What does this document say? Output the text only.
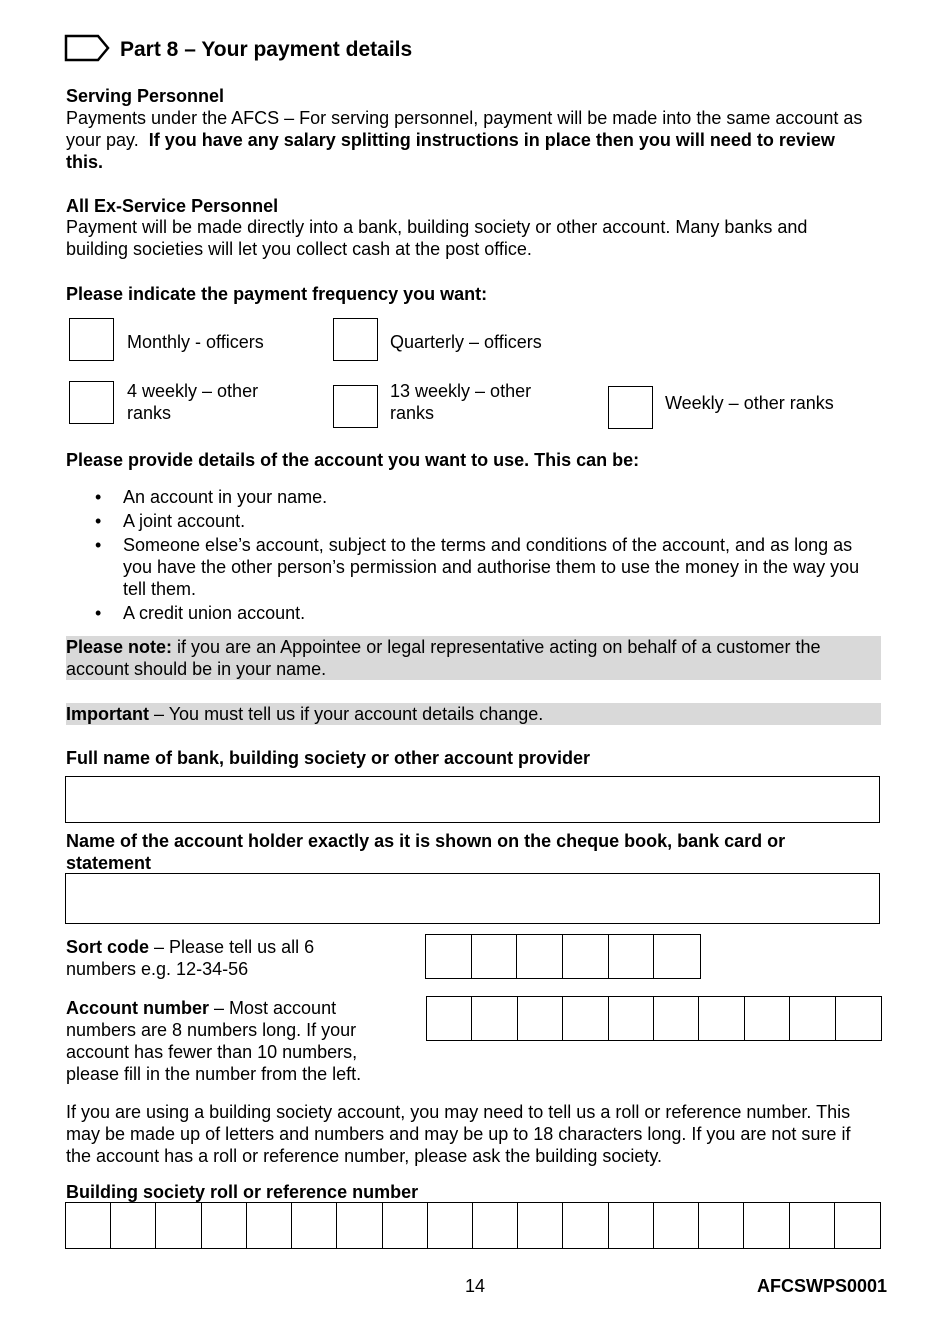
Part 8 – Your payment details
Serving Personnel

Payments under the AFCS – For serving personnel, payment will be made into the same account as your pay. If you have any salary splitting instructions in place then you will need to review this.

All Ex-Service Personnel

Payment will be made directly into a bank, building society or other account. Many banks and building societies will let you collect cash at the post office.

Please indicate the payment frequency you want:
Monthly - officers	Quarterly – officers
4 weekly – other ranks
13 weekly – other ranks	Weekly – other ranks
Please provide details of the account you want to use. This can be:
• An account in your name.
• A joint account.
• Someone else’s account, subject to the terms and conditions of the account, and as long as you have the other person’s permission and authorise them to use the money in the way you tell them.
• A credit union account.

Please note: if you are an Appointee or legal representative acting on behalf of a customer the account should be in your name.

Important – You must tell us if your account details change.

Full name of bank, building society or other account provider
Name of the account holder exactly as it is shown on the cheque book, bank card or statement

Sort code – Please tell us all 6 numbers e.g. 12-34-56

Account number – Most account numbers are 8 numbers long. If your account has fewer than 10 numbers, please fill in the number from the left.

If you are using a building society account, you may need to tell us a roll or reference number. This may be made up of letters and numbers and may be up to 18 characters long. If you are not sure if the account has a roll or reference number, please ask the building society.

Building society roll or reference number
14	AFCSWPS0001
